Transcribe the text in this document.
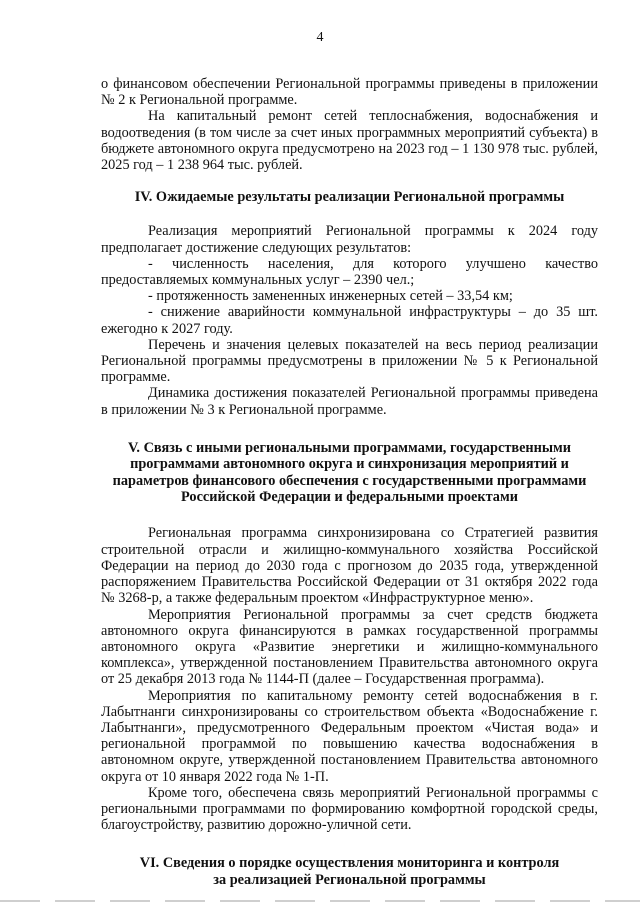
4

о финансовом обеспечении Региональной программы приведены в приложении № 2 к Региональной программе.

На капитальный ремонт сетей теплоснабжения, водоснабжения и водоотведения (в том числе за счет иных программных мероприятий субъекта) в бюджете автономного округа предусмотрено на 2023 год – 1 130 978 тыс. рублей, 2025 год – 1 238 964 тыс. рублей.

IV. Ожидаемые результаты реализации Региональной программы

Реализация мероприятий Региональной программы к 2024 году предполагает достижение следующих результатов:

- численность населения, для которого улучшено качество предоставляемых коммунальных услуг – 2390 чел.;

- протяженность замененных инженерных сетей – 33,54 км;

- снижение аварийности коммунальной инфраструктуры – до 35 шт. ежегодно к 2027 году.

Перечень и значения целевых показателей на весь период реализации Региональной программы предусмотрены в приложении № 5 к Региональной программе.

Динамика достижения показателей Региональной программы приведена в приложении № 3 к Региональной программе.

V. Связь с иными региональными программами, государственными
программами автономного округа и синхронизация мероприятий и
параметров финансового обеспечения с государственными программами
Российской Федерации и федеральными проектами

Региональная программа синхронизирована со Стратегией развития строительной отрасли и жилищно-коммунального хозяйства Российской Федерации на период до 2030 года с прогнозом до 2035 года, утвержденной распоряжением Правительства Российской Федерации от 31 октября 2022 года № 3268-р, а также федеральным проектом «Инфраструктурное меню».

Мероприятия Региональной программы за счет средств бюджета автономного округа финансируются в рамках государственной программы автономного округа «Развитие энергетики и жилищно-коммунального комплекса», утвержденной постановлением Правительства автономного округа от 25 декабря 2013 года № 1144-П (далее – Государственная программа).

Мероприятия по капитальному ремонту сетей водоснабжения в г. Лабытнанги синхронизированы со строительством объекта «Водоснабжение г. Лабытнанги», предусмотренного Федеральным проектом «Чистая вода» и региональной программой по повышению качества водоснабжения в автономном округе, утвержденной постановлением Правительства автономного округа от 10 января 2022 года № 1-П.

Кроме того, обеспечена связь мероприятий Региональной программы с региональными программами по формированию комфортной городской среды, благоустройству, развитию дорожно-уличной сети.

VI. Сведения о порядке осуществления мониторинга и контроля
за реализацией Региональной программы
